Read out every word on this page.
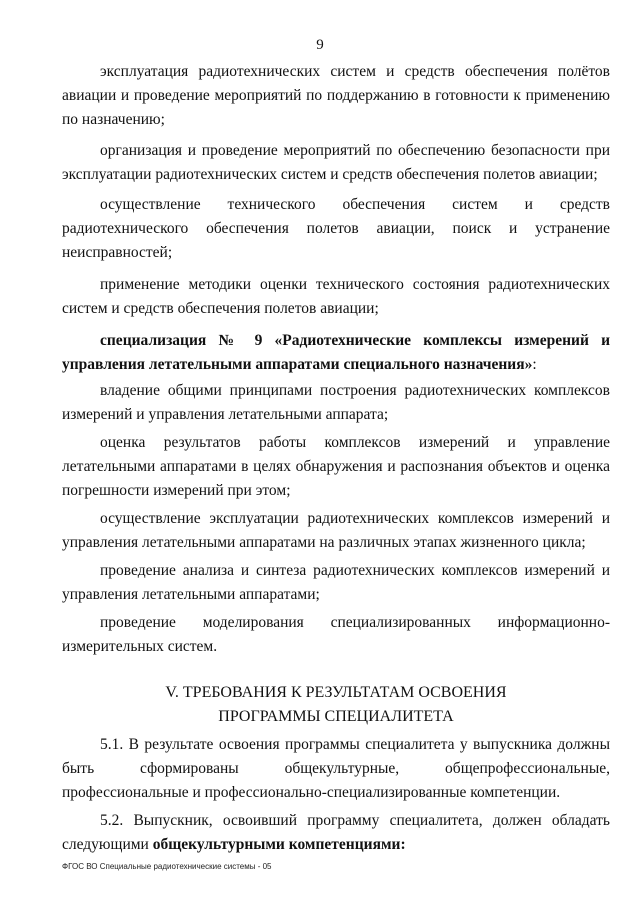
9

эксплуатация радиотехнических систем и средств обеспечения полётов авиации и проведение мероприятий по поддержанию в готовности к применению по назначению;

организация и проведение мероприятий по обеспечению безопасности при эксплуатации радиотехнических систем и средств обеспечения полетов авиации;

осуществление технического обеспечения систем и средств радиотехнического обеспечения полетов авиации, поиск и устранение неисправностей;

применение методики оценки технического состояния радиотехнических систем и средств обеспечения полетов авиации;

специализация № 9 «Радиотехнические комплексы измерений и управления летательными аппаратами специального назначения»:

владение общими принципами построения радиотехнических комплексов измерений и управления летательными аппарата;

оценка результатов работы комплексов измерений и управление летательными аппаратами в целях обнаружения и распознания объектов и оценка погрешности измерений при этом;

осуществление эксплуатации радиотехнических комплексов измерений и управления летательными аппаратами на различных этапах жизненного цикла;

проведение анализа и синтеза радиотехнических комплексов измерений и управления летательными аппаратами;

проведение моделирования специализированных информационно-измерительных систем.

V. ТРЕБОВАНИЯ К РЕЗУЛЬТАТАМ ОСВОЕНИЯ
ПРОГРАММЫ СПЕЦИАЛИТЕТА

5.1. В результате освоения программы специалитета у выпускника должны быть сформированы общекультурные, общепрофессиональные, профессиональные и профессионально-специализированные компетенции.

5.2. Выпускник, освоивший программу специалитета, должен обладать следующими общекультурными компетенциями:

ФГОС ВО Специальные радиотехнические системы - 05
